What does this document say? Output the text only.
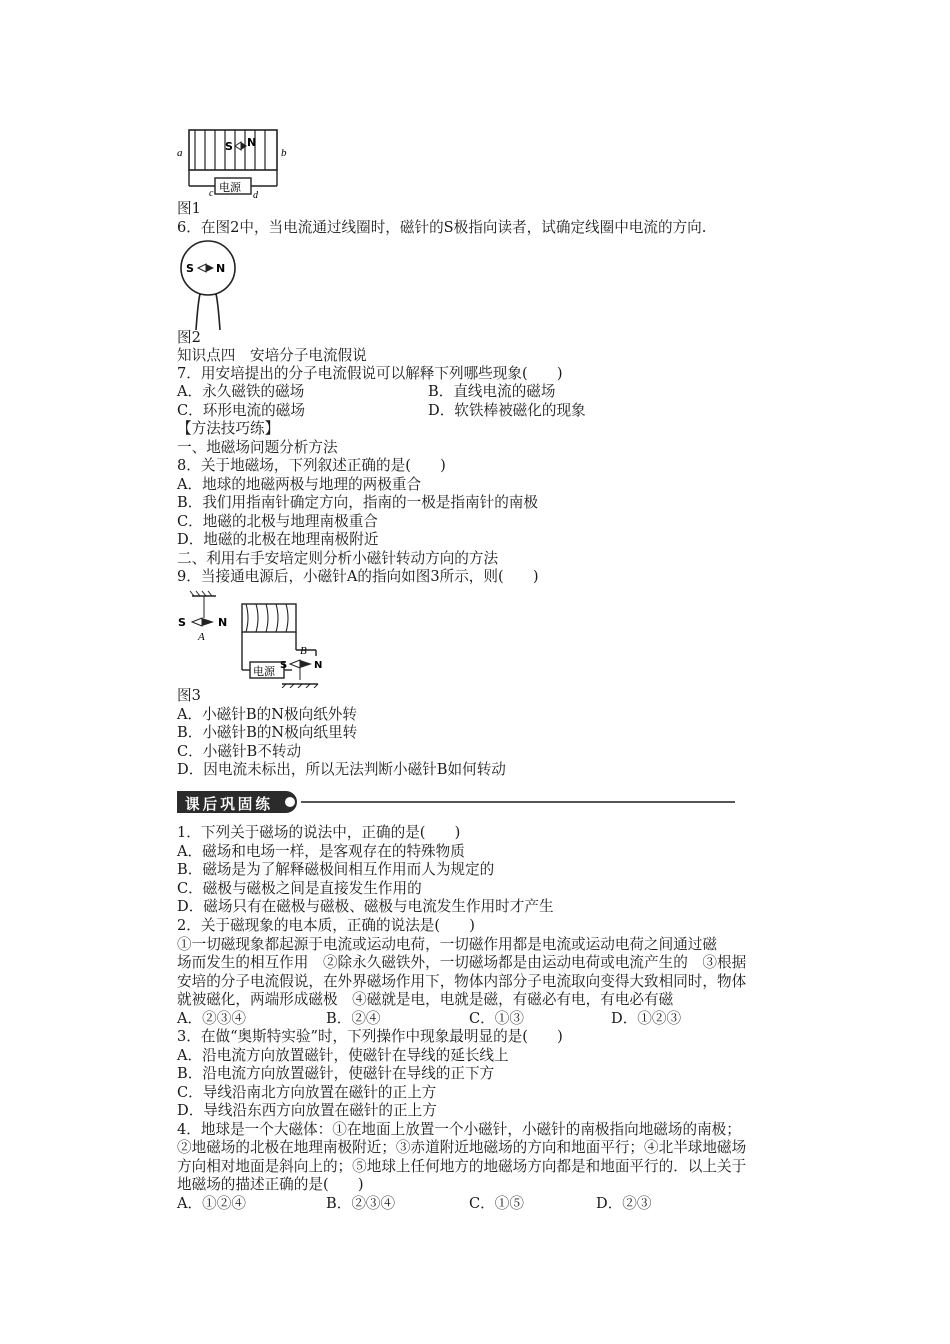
a	b
c	d
电源
S N
图1
6．在图2中，当电流通过线圈时，磁针的S极指向读者，试确定线圈中电流的方向.
S N
图2
知识点四　安培分子电流假说
7．用安培提出的分子电流假说可以解释下列哪些现象(　　)
A．永久磁铁的磁场	B．直线电流的磁场
C．环形电流的磁场	D．软铁棒被磁化的现象
【方法技巧练】
一、地磁场问题分析方法
8．关于地磁场，下列叙述正确的是(　　)
A．地球的地磁两极与地理的两极重合
B．我们用指南针确定方向，指南的一极是指南针的南极
C．地磁的北极与地理南极重合
D．地磁的北极在地理南极附近
二、利用右手安培定则分析小磁针转动方向的方法
9．当接通电源后，小磁针A的指向如图3所示，则(　　)
S	N
A
电源
B
S	N
图3
A．小磁针B的N极向纸外转
B．小磁针B的N极向纸里转
C．小磁针B不转动
D．因电流未标出，所以无法判断小磁针B如何转动
课后巩固练
1．下列关于磁场的说法中，正确的是(　　)
A．磁场和电场一样，是客观存在的特殊物质
B．磁场是为了解释磁极间相互作用而人为规定的
C．磁极与磁极之间是直接发生作用的
D．磁场只有在磁极与磁极、磁极与电流发生作用时才产生
2．关于磁现象的电本质，正确的说法是(　　)
①一切磁现象都起源于电流或运动电荷，一切磁作用都是电流或运动电荷之间通过磁
场而发生的相互作用　②除永久磁铁外，一切磁场都是由运动电荷或电流产生的　③根据
安培的分子电流假说，在外界磁场作用下，物体内部分子电流取向变得大致相同时，物体
就被磁化，两端形成磁极　④磁就是电，电就是磁，有磁必有电，有电必有磁
A．②③④	B．②④	C．①③	D．①②③
3．在做“奥斯特实验”时，下列操作中现象最明显的是(　　)
A．沿电流方向放置磁针，使磁针在导线的延长线上
B．沿电流方向放置磁针，使磁针在导线的正下方
C．导线沿南北方向放置在磁针的正上方
D．导线沿东西方向放置在磁针的正上方
4．地球是一个大磁体：①在地面上放置一个小磁针，小磁针的南极指向地磁场的南极；
②地磁场的北极在地理南极附近；③赤道附近地磁场的方向和地面平行；④北半球地磁场
方向相对地面是斜向上的；⑤地球上任何地方的地磁场方向都是和地面平行的．以上关于
地磁场的描述正确的是(　　)
A．①②④	B．②③④	C．①⑤	D．②③
